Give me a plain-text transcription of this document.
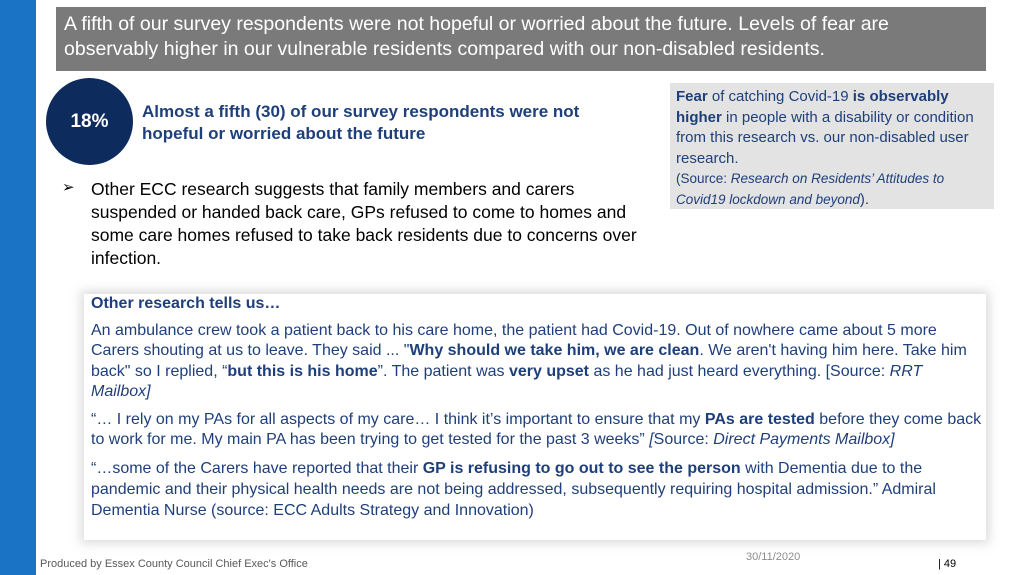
A fifth of our survey respondents were not hopeful or worried about the future. Levels of fear are observably higher in our vulnerable residents compared with our non-disabled residents.
18% Almost a fifth (30) of our survey respondents were not hopeful or worried about the future
➢ Other ECC research suggests that family members and carers suspended or handed back care, GPs refused to come to homes and some care homes refused to take back residents due to concerns over infection.
Fear of catching Covid-19 is observably higher in people with a disability or condition from this research vs. our non-disabled user research.
(Source: Research on Residents’ Attitudes to Covid19 lockdown and beyond).

Other research tells us…

An ambulance crew took a patient back to his care home, the patient had Covid-19. Out of nowhere came about 5 more Carers shouting at us to leave. They said ... "Why should we take him, we are clean. We aren't having him here. Take him back" so I replied, “but this is his home”. The patient was very upset as he had just heard everything. [Source: RRT Mailbox]

“… I rely on my PAs for all aspects of my care… I think it’s important to ensure that my PAs are tested before they come back to work for me. My main PA has been trying to get tested for the past 3 weeks” [Source: Direct Payments Mailbox]

“…some of the Carers have reported that their GP is refusing to go out to see the person with Dementia due to the pandemic and their physical health needs are not being addressed, subsequently requiring hospital admission.” Admiral Dementia Nurse (source: ECC Adults Strategy and Innovation)

Produced by Essex County Council Chief Exec's Office
30/11/2020
| 49
